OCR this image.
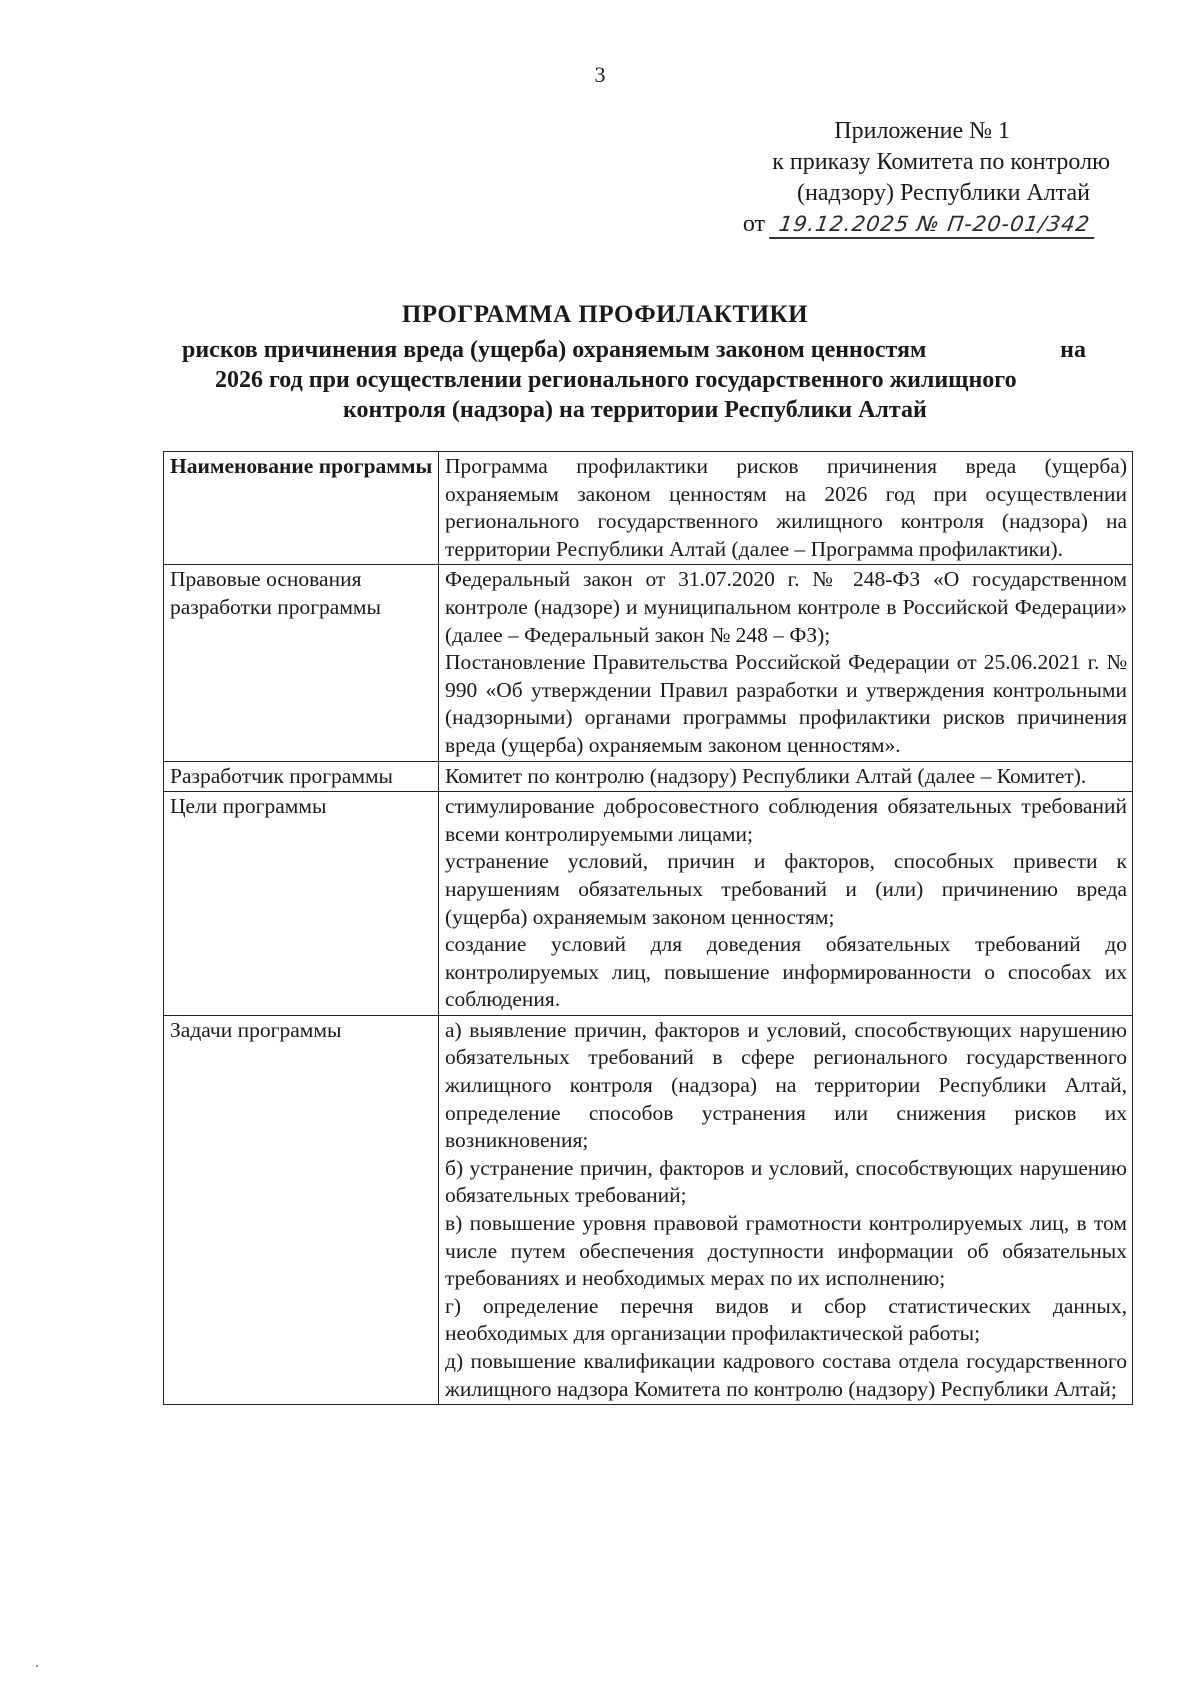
3
Приложение № 1
к приказу Комитета по контролю
(надзору) Республики Алтай
от 19.12.2025 № П-20-01/342
ПРОГРАММА ПРОФИЛАКТИКИ
рисков причинения вреда (ущерба) охраняемым законом ценностям	на
2026 год при осуществлении регионального государственного жилищного
контроля (надзора) на территории Республики Алтай
Наименование программы	Программа профилактики рисков причинения вреда (ущерба) охраняемым законом ценностям на 2026 год при осуществлении регионального государственного жилищного контроля (надзора) на территории Республики Алтай (далее – Программа профилактики).

Правовые основания разработки программы	Федеральный закон от 31.07.2020 г. № 248-ФЗ «О государственном контроле (надзоре) и муниципальном контроле в Российской Федерации» (далее – Федеральный закон № 248 – ФЗ);
Постановление Правительства Российской Федерации от 25.06.2021 г. № 990 «Об утверждении Правил разработки и утверждения контрольными (надзорными) органами программы профилактики рисков причинения вреда (ущерба) охраняемым законом ценностям».

Разработчик программы	Комитет по контролю (надзору) Республики Алтай (далее – Комитет).

Цели программы	стимулирование добросовестного соблюдения обязательных требований всеми контролируемыми лицами;
устранение условий, причин и факторов, способных привести к нарушениям обязательных требований и (или) причинению вреда (ущерба) охраняемым законом ценностям;
создание условий для доведения обязательных требований до контролируемых лиц, повышение информированности о способах их соблюдения.

Задачи программы	а) выявление причин, факторов и условий, способствующих нарушению обязательных требований в сфере регионального государственного жилищного контроля (надзора) на территории Республики Алтай, определение способов устранения или снижения рисков их возникновения;
б) устранение причин, факторов и условий, способствующих нарушению обязательных требований;
в) повышение уровня правовой грамотности контролируемых лиц, в том числе путем обеспечения доступности информации об обязательных требованиях и необходимых мерах по их исполнению;
г) определение перечня видов и сбор статистических данных, необходимых для организации профилактической работы;
д) повышение квалификации кадрового состава отдела государственного жилищного надзора Комитета по контролю (надзору) Республики Алтай;
